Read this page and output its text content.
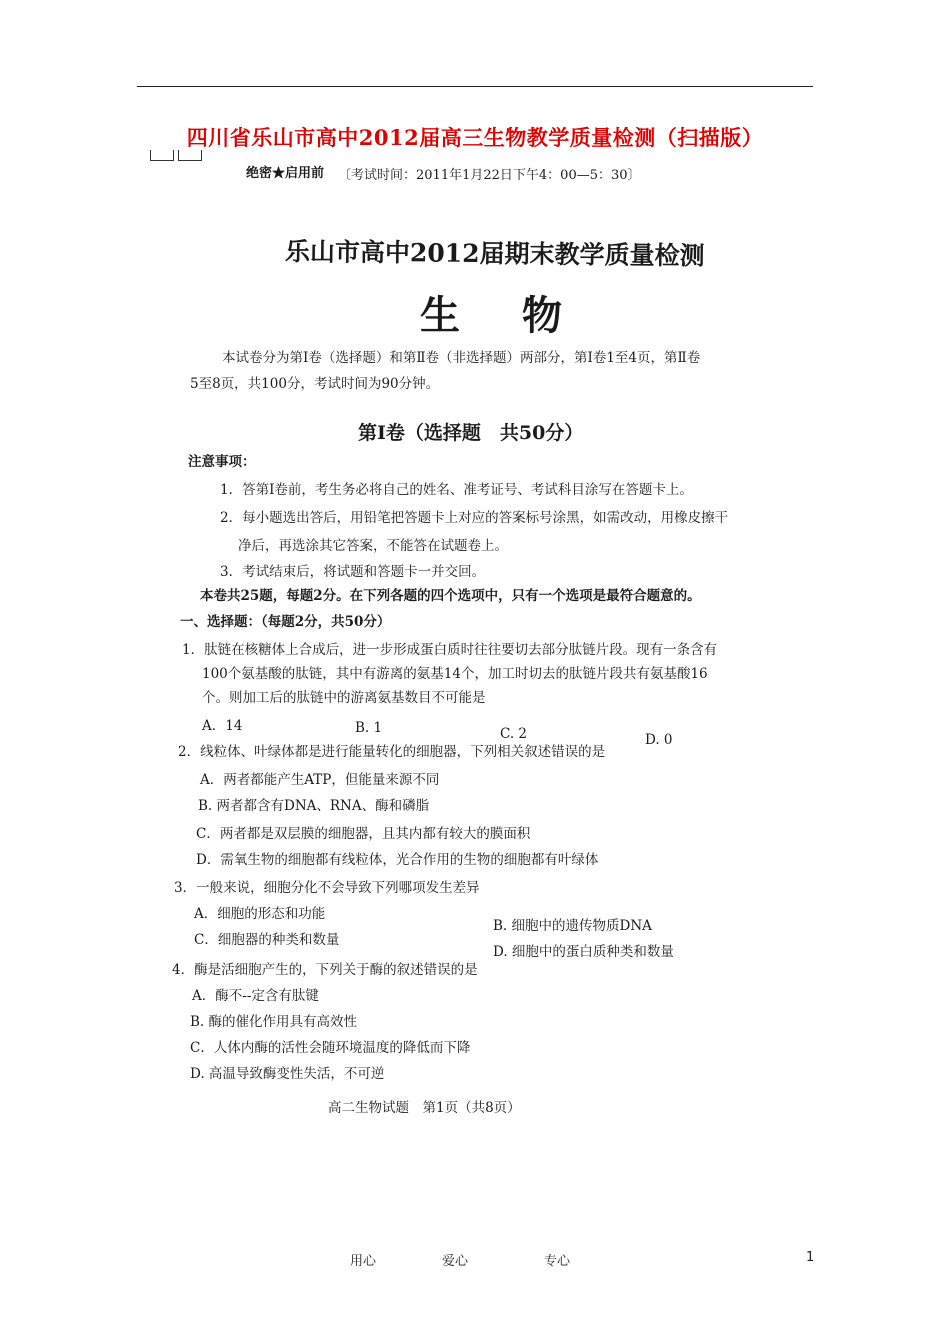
四川省乐山市高中2012届高三生物教学质量检测（扫描版）
绝密★启用前 〔考试时间：2011年1月22日下午4：00—5：30〕
乐山市高中2012届期末教学质量检测
生物
本试卷分为第Ⅰ卷（选择题）和第Ⅱ卷（非选择题）两部分，第Ⅰ卷1至4页，第Ⅱ卷
5至8页，共100分，考试时间为90分钟。
第Ⅰ卷（选择题　共50分）
注意事项：
1．答第Ⅰ卷前，考生务必将自己的姓名、准考证号、考试科目涂写在答题卡上。
2．每小题选出答后，用铅笔把答题卡上对应的答案标号涂黑，如需改动，用橡皮擦干
净后，再选涂其它答案，不能答在试题卷上。
3．考试结束后，将试题和答题卡一并交回。
本卷共25题，每题2分。在下列各题的四个选项中，只有一个选项是最符合题意的。
一、选择题：（每题2分，共50分）
1．肽链在核糖体上合成后，进一步形成蛋白质时往往要切去部分肽链片段。现有一条含有
100个氨基酸的肽链，其中有游离的氨基14个，加工时切去的肽链片段共有氨基酸16
个。则加工后的肽链中的游离氨基数目不可能是
A．14	B. 1	C. 2	D. 0
2．线粒体、叶绿体都是进行能量转化的细胞器，下列相关叙述错误的是
A．两者都能产生ATP，但能量来源不同
B. 两者都含有DNA、RNA、酶和磷脂
C．两者都是双层膜的细胞器，且其内都有较大的膜面积
D．需氧生物的细胞都有线粒体，光合作用的生物的细胞都有叶绿体
3．一般来说，细胞分化不会导致下列哪项发生差异
A．细胞的形态和功能
B. 细胞中的遗传物质DNA
C．细胞器的种类和数量
D. 细胞中的蛋白质种类和数量
4．酶是活细胞产生的，下列关于酶的叙述错误的是
A．酶不--定含有肽键
B. 酶的催化作用具有高效性
C．人体内酶的活性会随环境温度的降低而下降
D. 高温导致酶变性失活，不可逆
高二生物试题　第1页（共8页）
用心	爱心	专心	1
